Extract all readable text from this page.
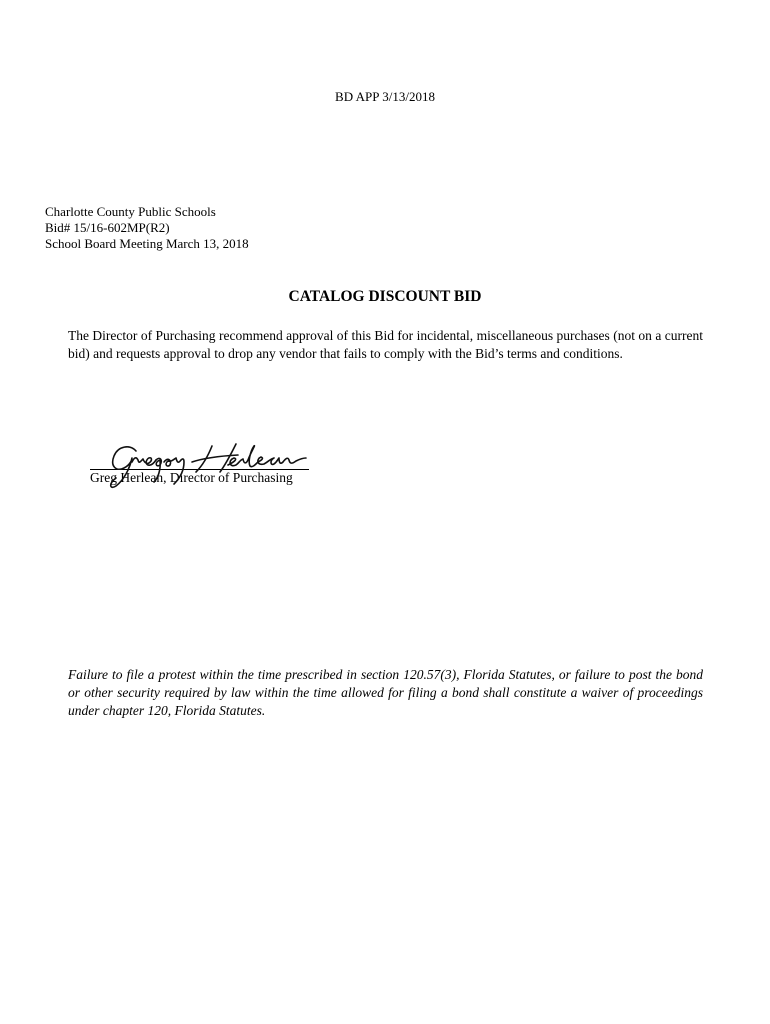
BD APP 3/13/2018
Charlotte County Public Schools
Bid# 15/16-602MP(R2)
School Board Meeting March 13, 2018
CATALOG DISCOUNT BID

The Director of Purchasing recommend approval of this Bid for incidental, miscellaneous purchases (not on a current bid) and requests approval to drop any vendor that fails to comply with the Bid’s terms and conditions.

Greg Herlean, Director of Purchasing

Failure to file a protest within the time prescribed in section 120.57(3), Florida Statutes, or failure to post the bond or other security required by law within the time allowed for filing a bond shall constitute a waiver of proceedings under chapter 120, Florida Statutes.
